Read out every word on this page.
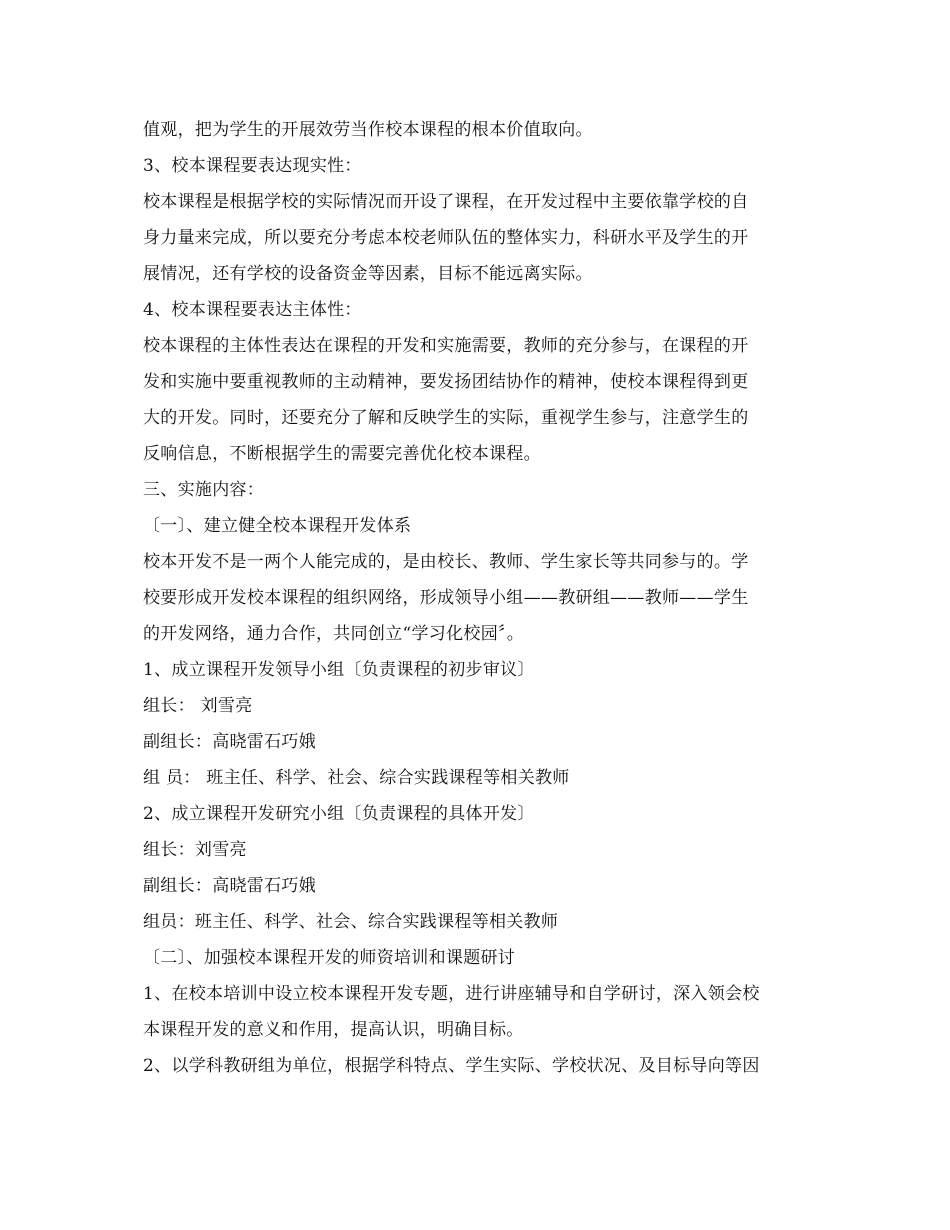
值观，把为学生的开展效劳当作校本课程的根本价值取向。
3、校本课程要表达现实性：
校本课程是根据学校的实际情况而开设了课程，在开发过程中主要依靠学校的自
身力量来完成，所以要充分考虑本校老师队伍的整体实力，科研水平及学生的开
展情况，还有学校的设备资金等因素，目标不能远离实际。
4、校本课程要表达主体性：
校本课程的主体性表达在课程的开发和实施需要，教师的充分参与，在课程的开
发和实施中要重视教师的主动精神，要发扬团结协作的精神，使校本课程得到更
大的开发。同时，还要充分了解和反映学生的实际，重视学生参与，注意学生的
反响信息，不断根据学生的需要完善优化校本课程。
三、实施内容：
〔一〕、建立健全校本课程开发体系
校本开发不是一两个人能完成的，是由校长、教师、学生家长等共同参与的。学
校要形成开发校本课程的组织网络，形成领导小组——教研组——教师——学生
的开发网络，通力合作，共同创立“学习化校园〞。
1、成立课程开发领导小组〔负责课程的初步审议〕
组长： 刘雪亮
副组长：高晓雷石巧娥
组 员： 班主任、科学、社会、综合实践课程等相关教师
2、成立课程开发研究小组〔负责课程的具体开发〕
组长：刘雪亮
副组长：高晓雷石巧娥
组员：班主任、科学、社会、综合实践课程等相关教师
〔二〕、加强校本课程开发的师资培训和课题研讨
1、在校本培训中设立校本课程开发专题，进行讲座辅导和自学研讨，深入领会校
本课程开发的意义和作用，提高认识，明确目标。
2、以学科教研组为单位，根据学科特点、学生实际、学校状况、及目标导向等因
